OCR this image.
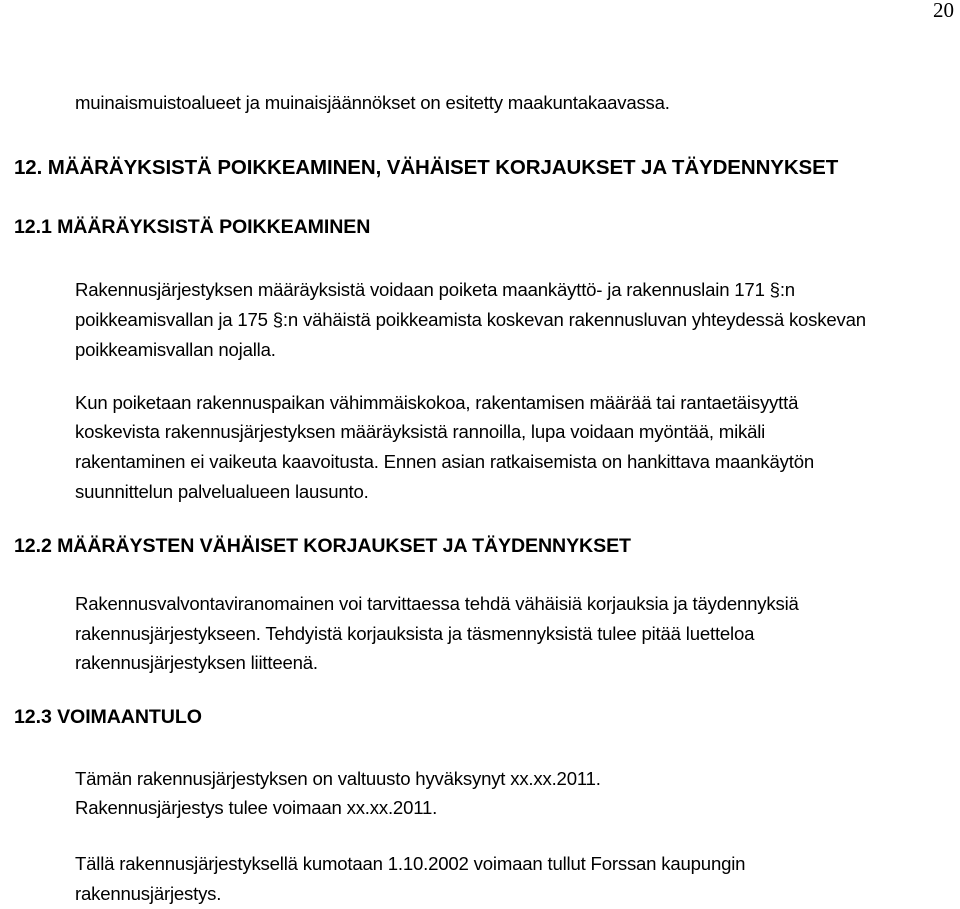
20
muinaismuistoalueet ja muinaisjäännökset on esitetty maakuntakaavassa.
12. MÄÄRÄYKSISTÄ POIKKEAMINEN, VÄHÄISET KORJAUKSET JA TÄYDENNYKSET
12.1 MÄÄRÄYKSISTÄ POIKKEAMINEN
Rakennusjärjestyksen määräyksistä voidaan poiketa maankäyttö- ja rakennuslain 171 §:n
poikkeamisvallan ja 175 §:n vähäistä poikkeamista koskevan rakennusluvan yhteydessä koskevan
poikkeamisvallan nojalla.
Kun poiketaan rakennuspaikan vähimmäiskokoa, rakentamisen määrää tai rantaetäisyyttä
koskevista rakennusjärjestyksen määräyksistä rannoilla, lupa voidaan myöntää, mikäli
rakentaminen ei vaikeuta kaavoitusta. Ennen asian ratkaisemista on hankittava maankäytön
suunnittelun palvelualueen lausunto.
12.2 MÄÄRÄYSTEN VÄHÄISET KORJAUKSET JA TÄYDENNYKSET
Rakennusvalvontaviranomainen voi tarvittaessa tehdä vähäisiä korjauksia ja täydennyksiä
rakennusjärjestykseen. Tehdyistä korjauksista ja täsmennyksistä tulee pitää luetteloa
rakennusjärjestyksen liitteenä.
12.3 VOIMAANTULO
Tämän rakennusjärjestyksen on valtuusto hyväksynyt xx.xx.2011.
Rakennusjärjestys tulee voimaan xx.xx.2011.
Tällä rakennusjärjestyksellä kumotaan 1.10.2002 voimaan tullut Forssan kaupungin
rakennusjärjestys.
